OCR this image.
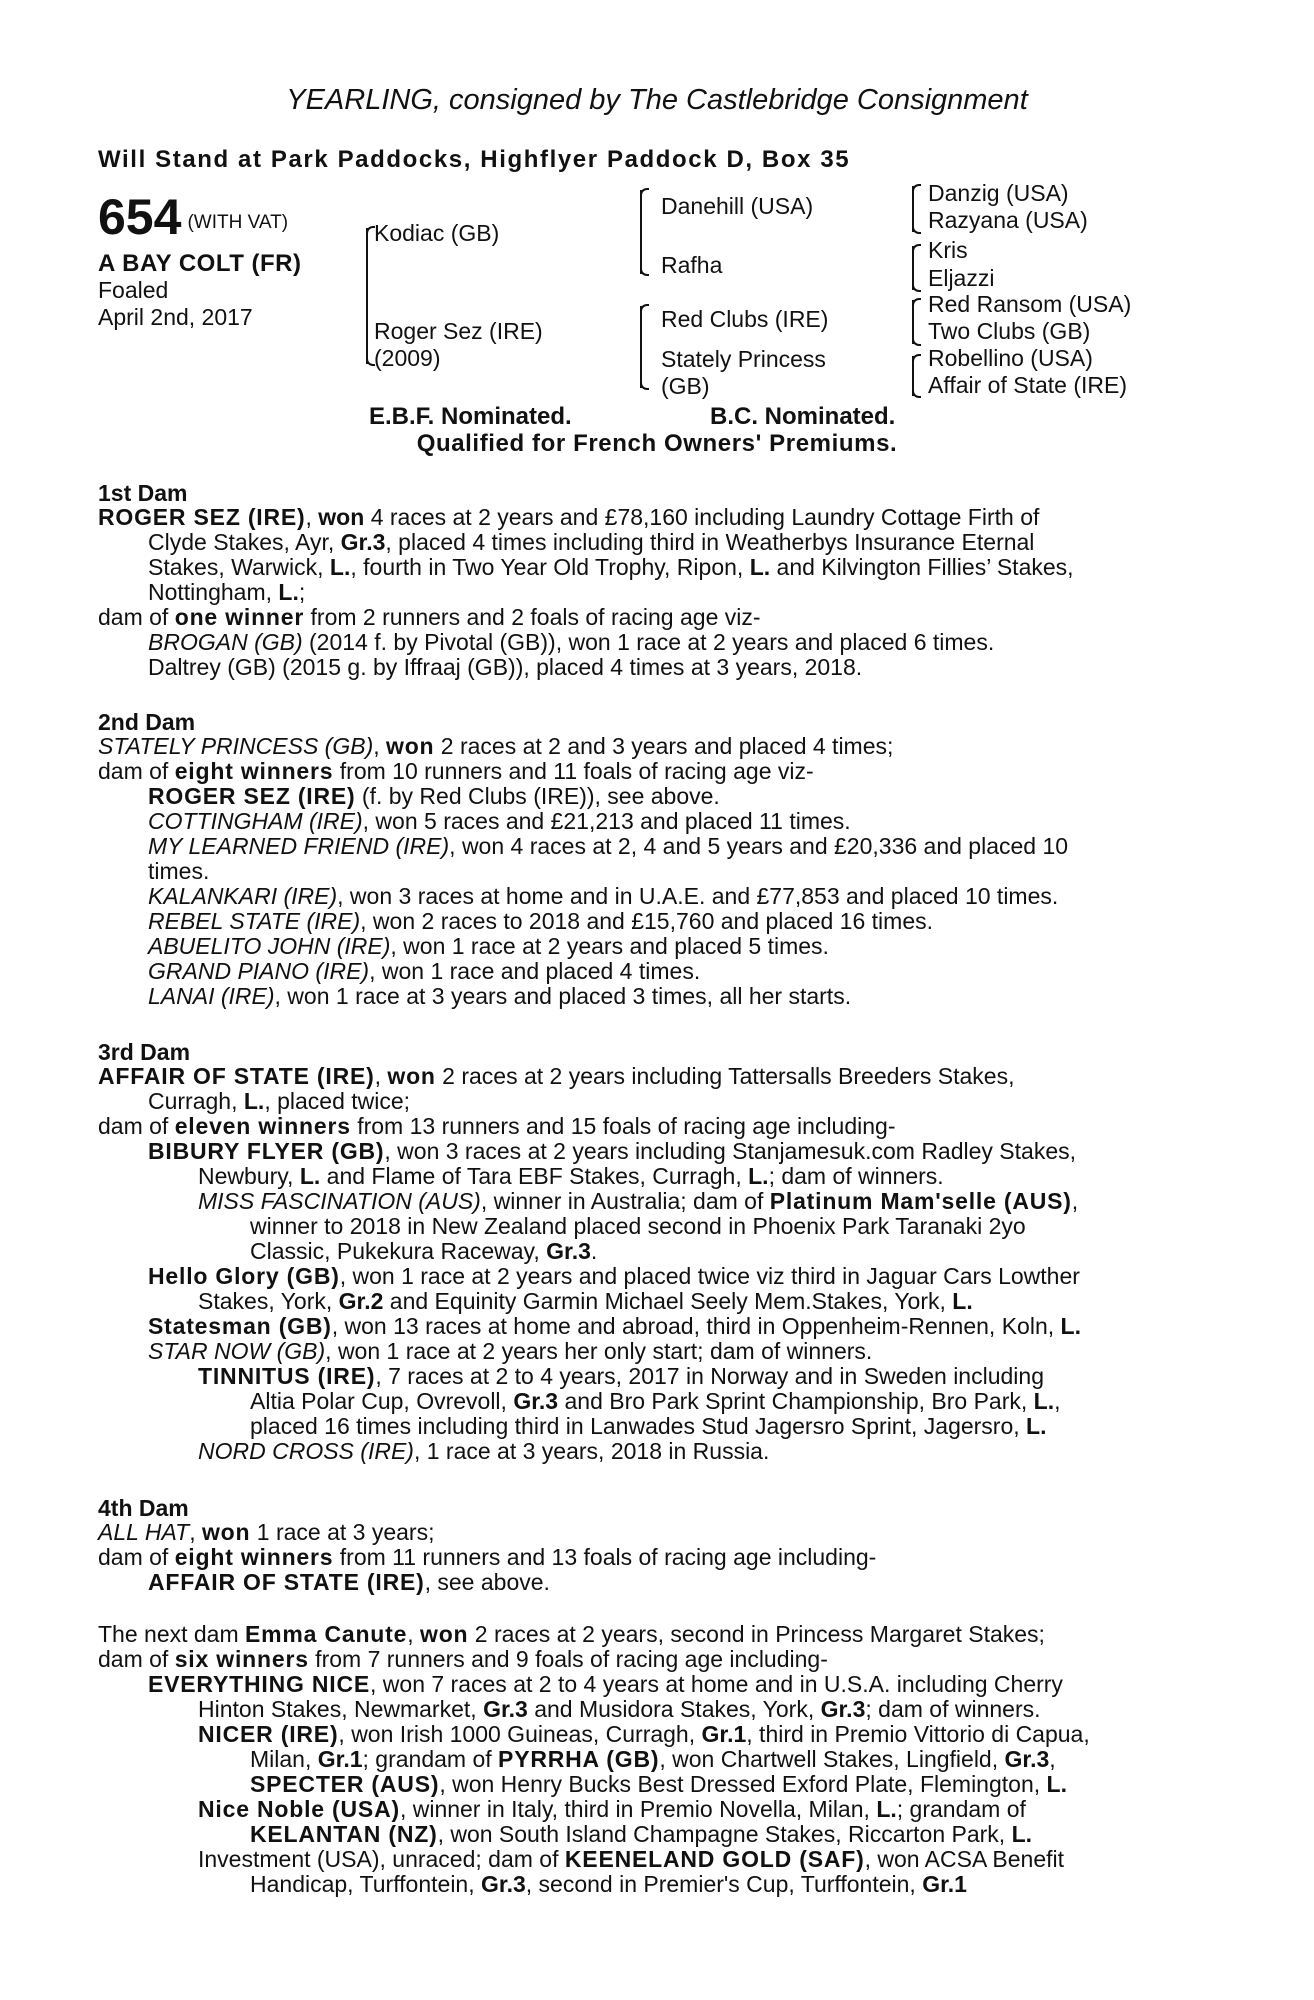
YEARLING, consigned by The Castlebridge Consignment
Will Stand at Park Paddocks, Highflyer Paddock D, Box 35
654 (WITH VAT)
A BAY COLT (FR)
Foaled
April 2nd, 2017
Kodiac (GB)
Roger Sez (IRE)
(2009)
Danehill (USA)
Rafha
Red Clubs (IRE)
Stately Princess
(GB)
Danzig (USA)
Razyana (USA)
Kris
Eljazzi
Red Ransom (USA)
Two Clubs (GB)
Robellino (USA)
Affair of State (IRE)
E.B.F. Nominated.	B.C. Nominated.
Qualified for French Owners' Premiums.
1st Dam
ROGER SEZ (IRE), won 4 races at 2 years and £78,160 including Laundry Cottage Firth of
Clyde Stakes, Ayr, Gr.3, placed 4 times including third in Weatherbys Insurance Eternal
Stakes, Warwick, L., fourth in Two Year Old Trophy, Ripon, L. and Kilvington Fillies’ Stakes,
Nottingham, L.;
dam of one winner from 2 runners and 2 foals of racing age viz-
BROGAN (GB) (2014 f. by Pivotal (GB)), won 1 race at 2 years and placed 6 times.
Daltrey (GB) (2015 g. by Iffraaj (GB)), placed 4 times at 3 years, 2018.
2nd Dam
STATELY PRINCESS (GB), won 2 races at 2 and 3 years and placed 4 times;
dam of eight winners from 10 runners and 11 foals of racing age viz-
ROGER SEZ (IRE) (f. by Red Clubs (IRE)), see above.
COTTINGHAM (IRE), won 5 races and £21,213 and placed 11 times.
MY LEARNED FRIEND (IRE), won 4 races at 2, 4 and 5 years and £20,336 and placed 10
times.
KALANKARI (IRE), won 3 races at home and in U.A.E. and £77,853 and placed 10 times.
REBEL STATE (IRE), won 2 races to 2018 and £15,760 and placed 16 times.
ABUELITO JOHN (IRE), won 1 race at 2 years and placed 5 times.
GRAND PIANO (IRE), won 1 race and placed 4 times.
LANAI (IRE), won 1 race at 3 years and placed 3 times, all her starts.
3rd Dam
AFFAIR OF STATE (IRE), won 2 races at 2 years including Tattersalls Breeders Stakes,
Curragh, L., placed twice;
dam of eleven winners from 13 runners and 15 foals of racing age including-
BIBURY FLYER (GB), won 3 races at 2 years including Stanjamesuk.com Radley Stakes,
Newbury, L. and Flame of Tara EBF Stakes, Curragh, L.; dam of winners.
MISS FASCINATION (AUS), winner in Australia; dam of Platinum Mam'selle (AUS),
winner to 2018 in New Zealand placed second in Phoenix Park Taranaki 2yo
Classic, Pukekura Raceway, Gr.3.
Hello Glory (GB), won 1 race at 2 years and placed twice viz third in Jaguar Cars Lowther
Stakes, York, Gr.2 and Equinity Garmin Michael Seely Mem.Stakes, York, L.
Statesman (GB), won 13 races at home and abroad, third in Oppenheim-Rennen, Koln, L.
STAR NOW (GB), won 1 race at 2 years her only start; dam of winners.
TINNITUS (IRE), 7 races at 2 to 4 years, 2017 in Norway and in Sweden including
Altia Polar Cup, Ovrevoll, Gr.3 and Bro Park Sprint Championship, Bro Park, L.,
placed 16 times including third in Lanwades Stud Jagersro Sprint, Jagersro, L.
NORD CROSS (IRE), 1 race at 3 years, 2018 in Russia.
4th Dam
ALL HAT, won 1 race at 3 years;
dam of eight winners from 11 runners and 13 foals of racing age including-
AFFAIR OF STATE (IRE), see above.
The next dam Emma Canute, won 2 races at 2 years, second in Princess Margaret Stakes;
dam of six winners from 7 runners and 9 foals of racing age including-
EVERYTHING NICE, won 7 races at 2 to 4 years at home and in U.S.A. including Cherry
Hinton Stakes, Newmarket, Gr.3 and Musidora Stakes, York, Gr.3; dam of winners.
NICER (IRE), won Irish 1000 Guineas, Curragh, Gr.1, third in Premio Vittorio di Capua,
Milan, Gr.1; grandam of PYRRHA (GB), won Chartwell Stakes, Lingfield, Gr.3,
SPECTER (AUS), won Henry Bucks Best Dressed Exford Plate, Flemington, L.
Nice Noble (USA), winner in Italy, third in Premio Novella, Milan, L.; grandam of
KELANTAN (NZ), won South Island Champagne Stakes, Riccarton Park, L.
Investment (USA), unraced; dam of KEENELAND GOLD (SAF), won ACSA Benefit
Handicap, Turffontein, Gr.3, second in Premier's Cup, Turffontein, Gr.1
